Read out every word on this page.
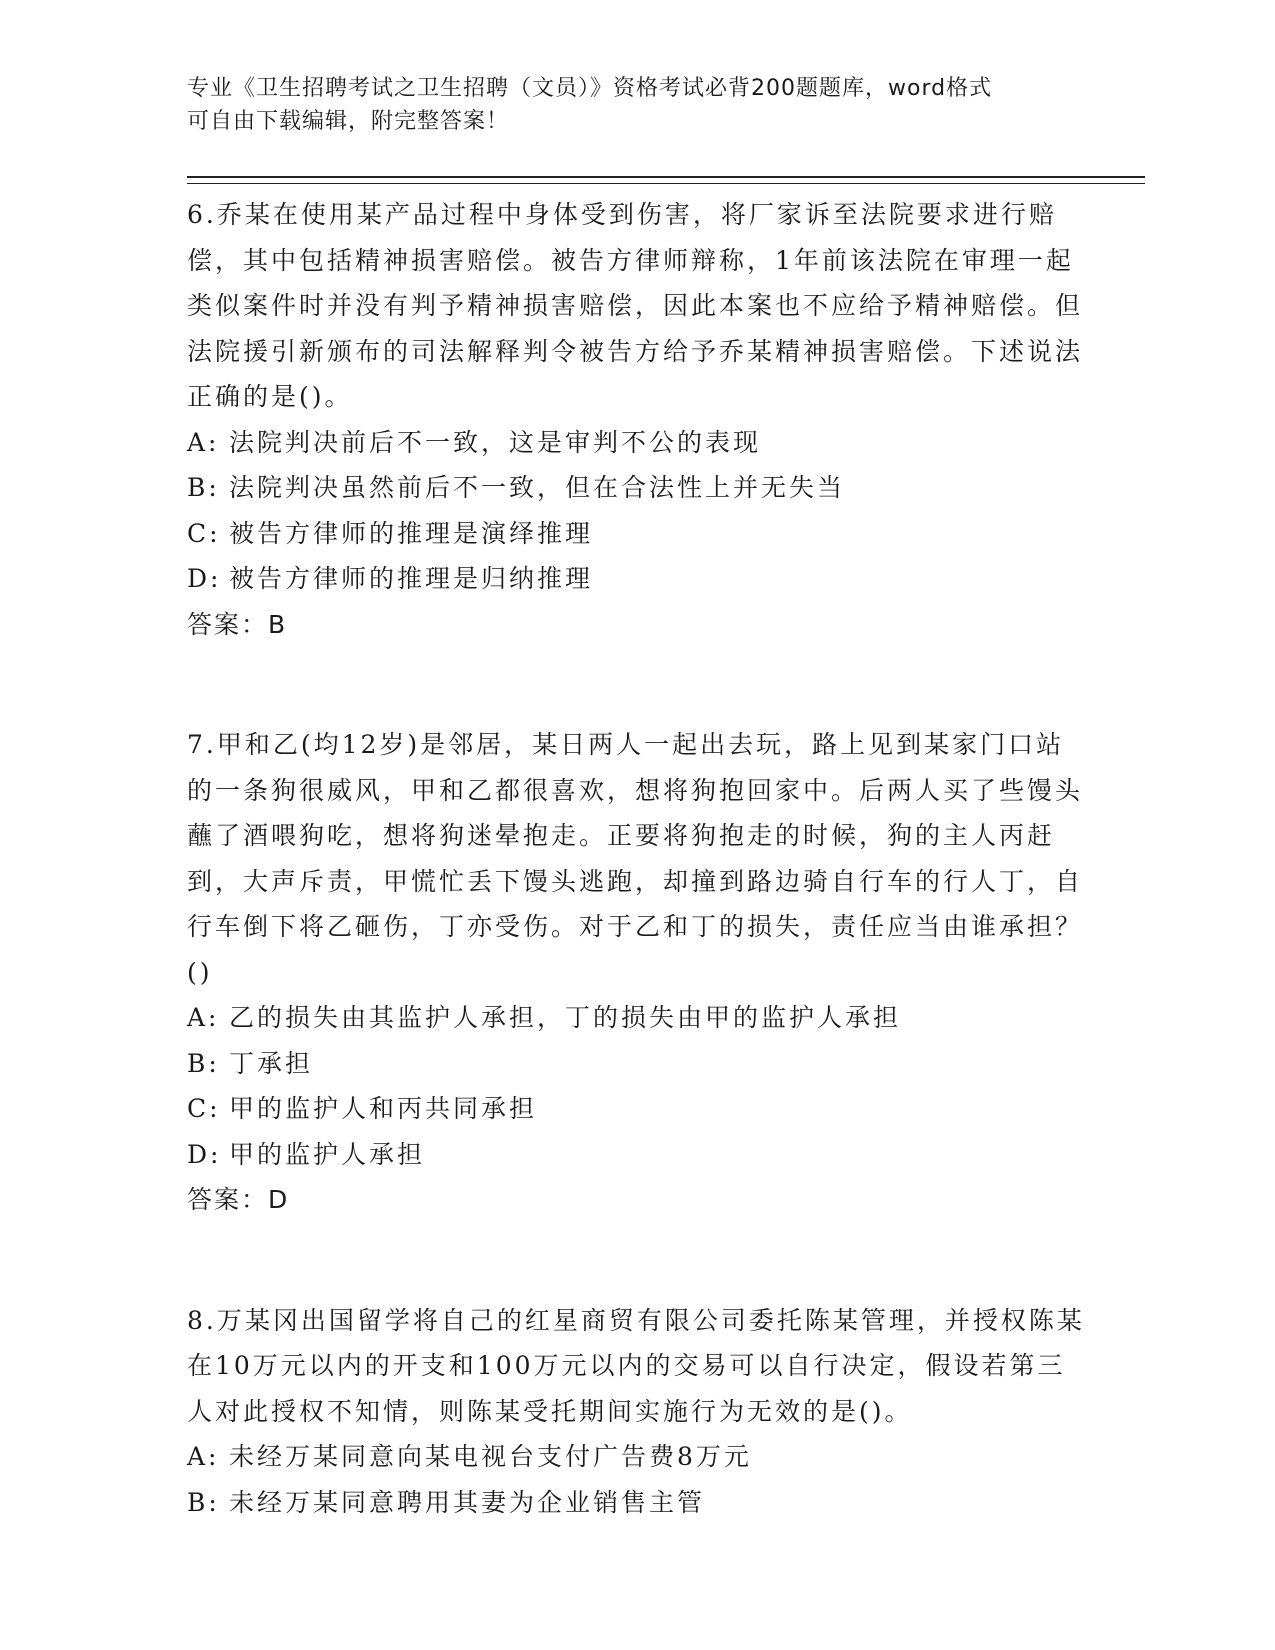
专业《卫生招聘考试之卫生招聘（文员）》资格考试必背200题题库，word格式
可自由下载编辑，附完整答案！

6.乔某在使用某产品过程中身体受到伤害，将厂家诉至法院要求进行赔偿，其中包括精神损害赔偿。被告方律师辩称，1年前该法院在审理一起类似案件时并没有判予精神损害赔偿，因此本案也不应给予精神赔偿。但法院援引新颁布的司法解释判令被告方给予乔某精神损害赔偿。下述说法正确的是()。

A: 法院判决前后不一致，这是审判不公的表现
B: 法院判决虽然前后不一致，但在合法性上并无失当
C: 被告方律师的推理是演绎推理
D: 被告方律师的推理是归纳推理

答案：B

7.甲和乙(均12岁)是邻居，某日两人一起出去玩，路上见到某家门口站的一条狗很威风，甲和乙都很喜欢，想将狗抱回家中。后两人买了些馒头蘸了酒喂狗吃，想将狗迷晕抱走。正要将狗抱走的时候，狗的主人丙赶到，大声斥责，甲慌忙丢下馒头逃跑，却撞到路边骑自行车的行人丁，自行车倒下将乙砸伤，丁亦受伤。对于乙和丁的损失，责任应当由谁承担？()

A: 乙的损失由其监护人承担，丁的损失由甲的监护人承担
B: 丁承担
C: 甲的监护人和丙共同承担
D: 甲的监护人承担

答案：D

8.万某冈出国留学将自己的红星商贸有限公司委托陈某管理，并授权陈某在10万元以内的开支和100万元以内的交易可以自行决定，假设若第三人对此授权不知情，则陈某受托期间实施行为无效的是()。

A: 未经万某同意向某电视台支付广告费8万元
B: 未经万某同意聘用其妻为企业销售主管
